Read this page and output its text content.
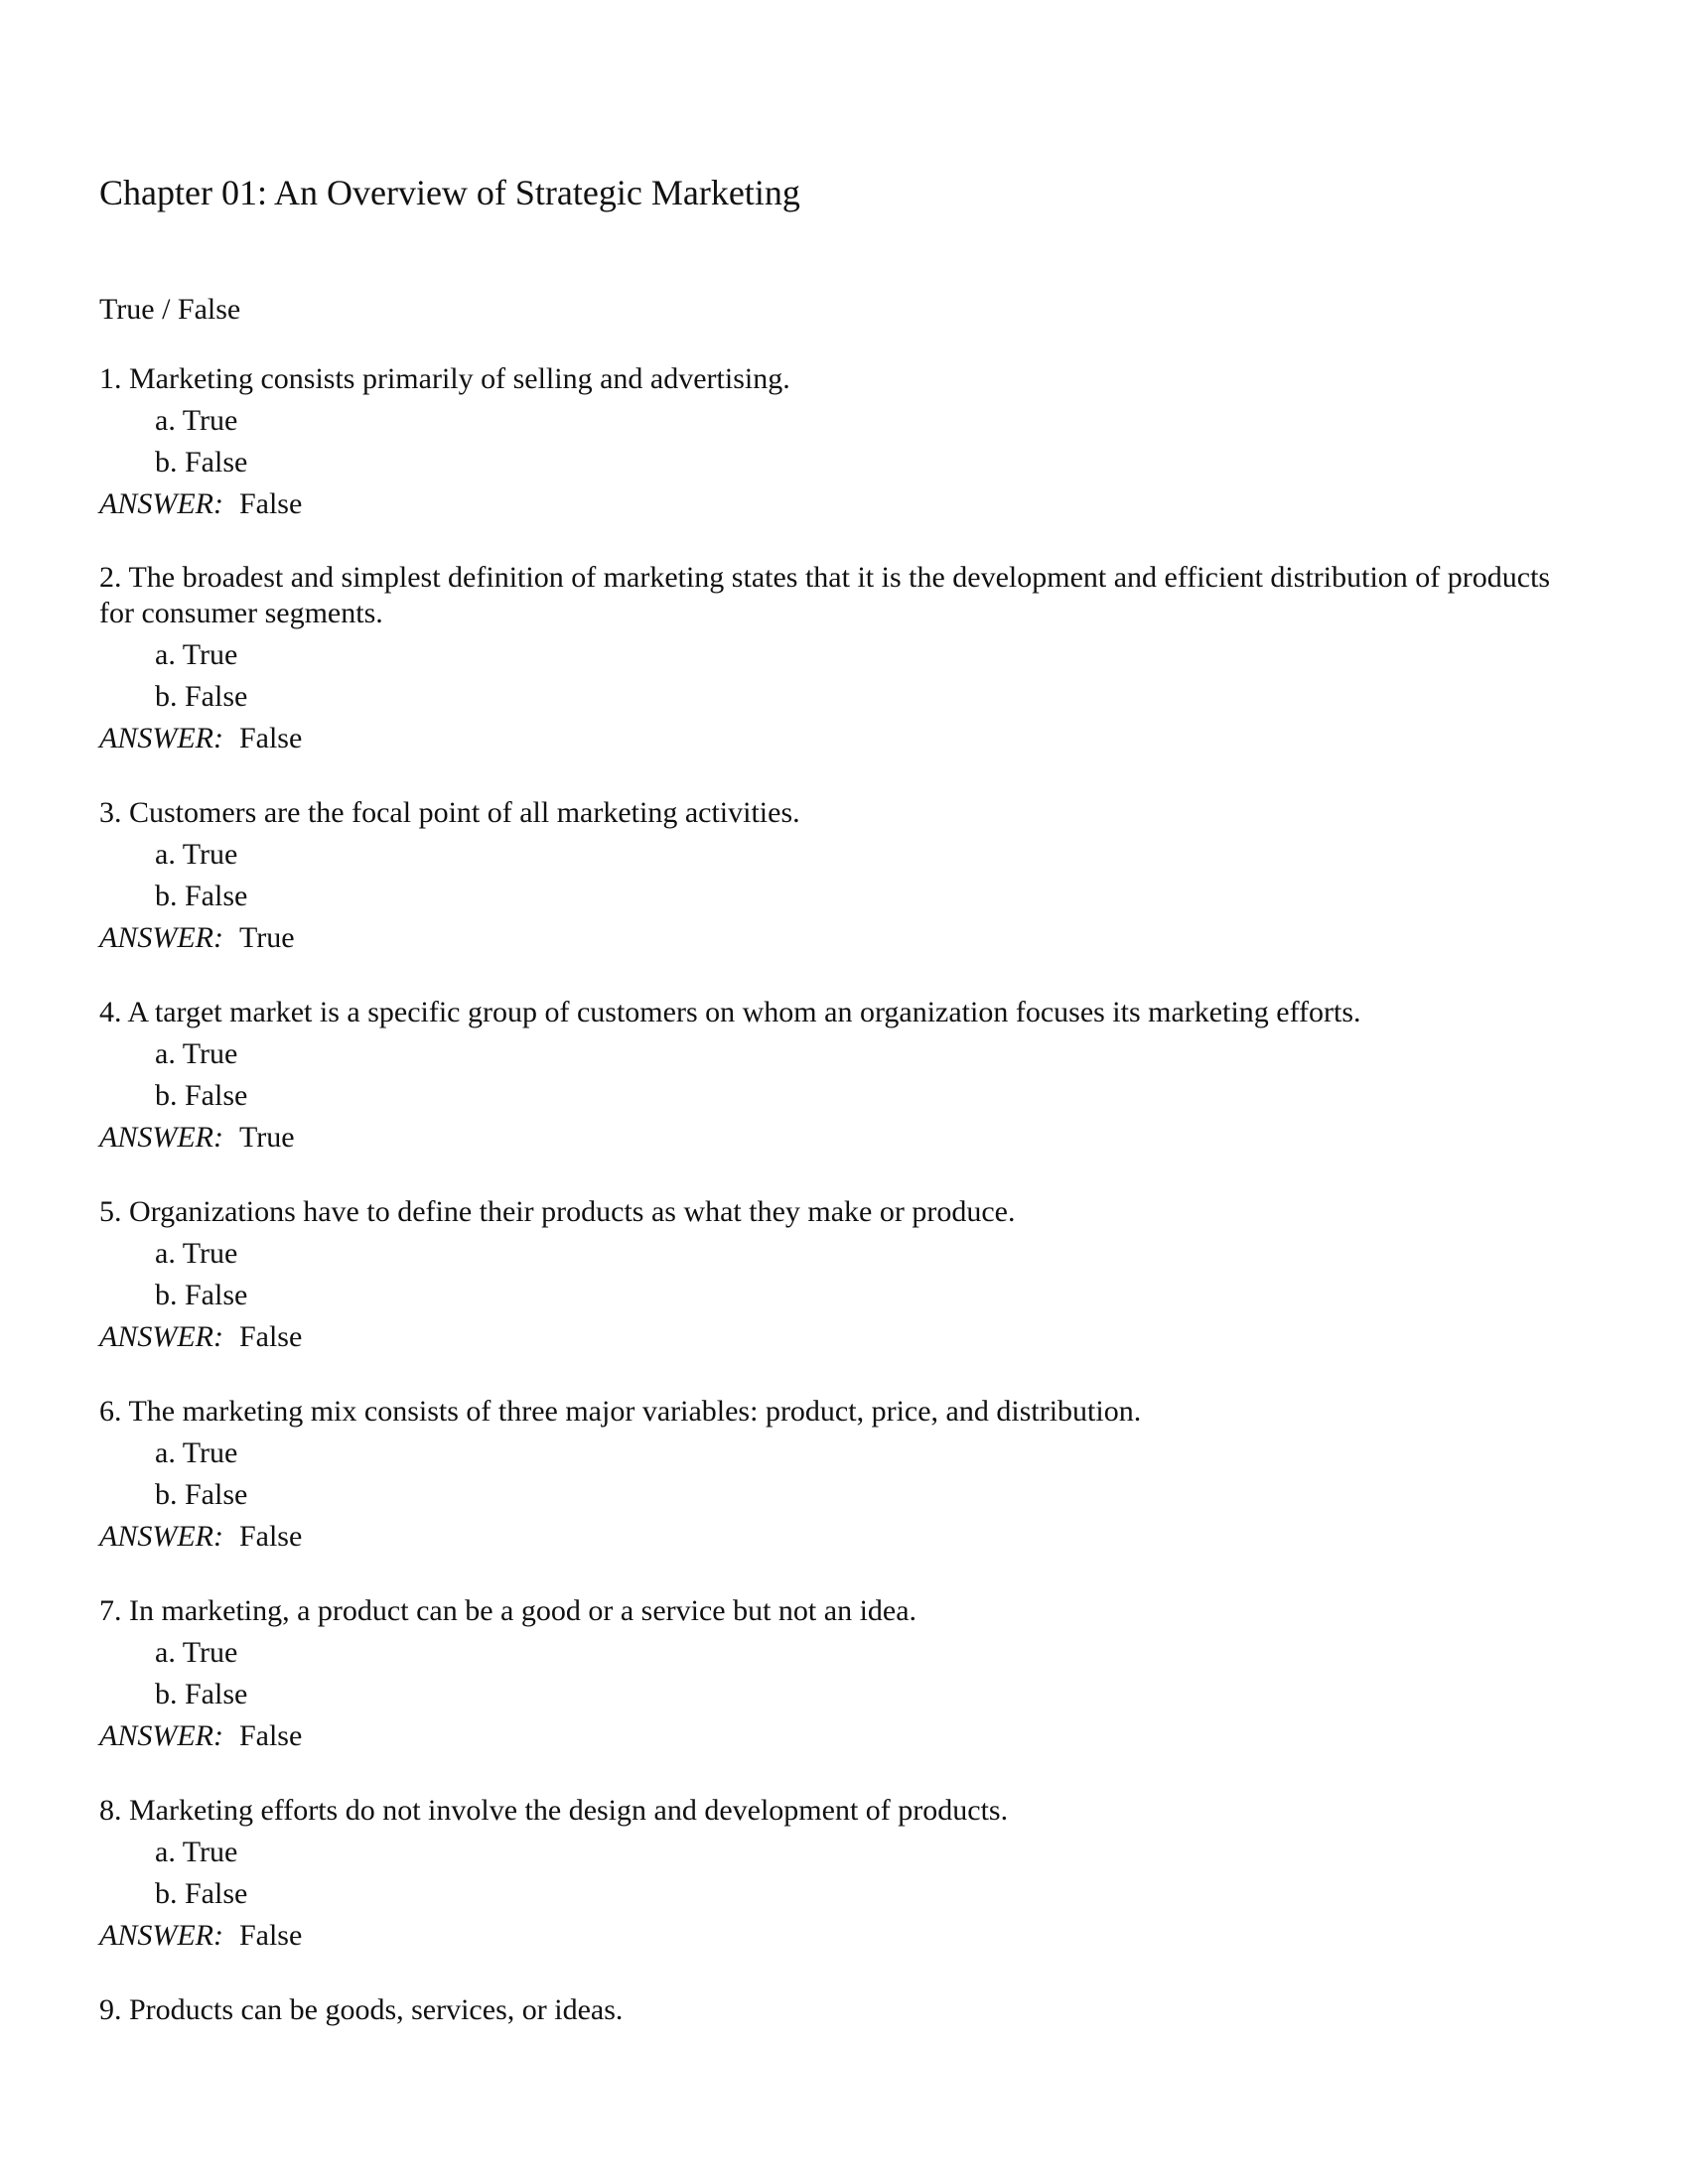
Chapter 01: An Overview of Strategic Marketing
True / False

1. Marketing consists primarily of selling and advertising.

a. True

b. False

ANSWER: False

2. The broadest and simplest definition of marketing states that it is the development and efficient distribution of products for consumer segments.

a. True

b. False

ANSWER: False

3. Customers are the focal point of all marketing activities.

a. True

b. False

ANSWER: True

4. A target market is a specific group of customers on whom an organization focuses its marketing efforts.

a. True

b. False

ANSWER: True

5. Organizations have to define their products as what they make or produce.

a. True

b. False

ANSWER: False

6. The marketing mix consists of three major variables: product, price, and distribution.

a. True

b. False

ANSWER: False

7. In marketing, a product can be a good or a service but not an idea.

a. True

b. False

ANSWER: False

8. Marketing efforts do not involve the design and development of products.

a. True

b. False

ANSWER: False

9. Products can be goods, services, or ideas.
